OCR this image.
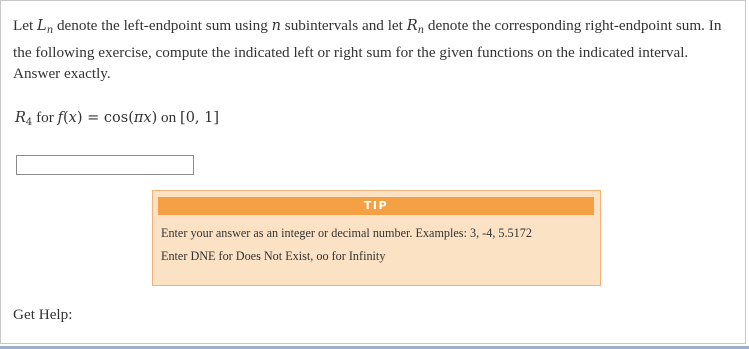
Let $L_n$ denote the left-endpoint sum using n subintervals and let $R_n$ denote the corresponding right-endpoint sum. In the following exercise, compute the indicated left or right sum for the given functions on the indicated interval. Answer exactly.
$R_4$ for f(x) = cos(πx) on [0, 1]
TIP
Enter your answer as an integer or decimal number. Examples: 3, -4, 5.5172
Enter DNE for Does Not Exist, oo for Infinity
Get Help:
